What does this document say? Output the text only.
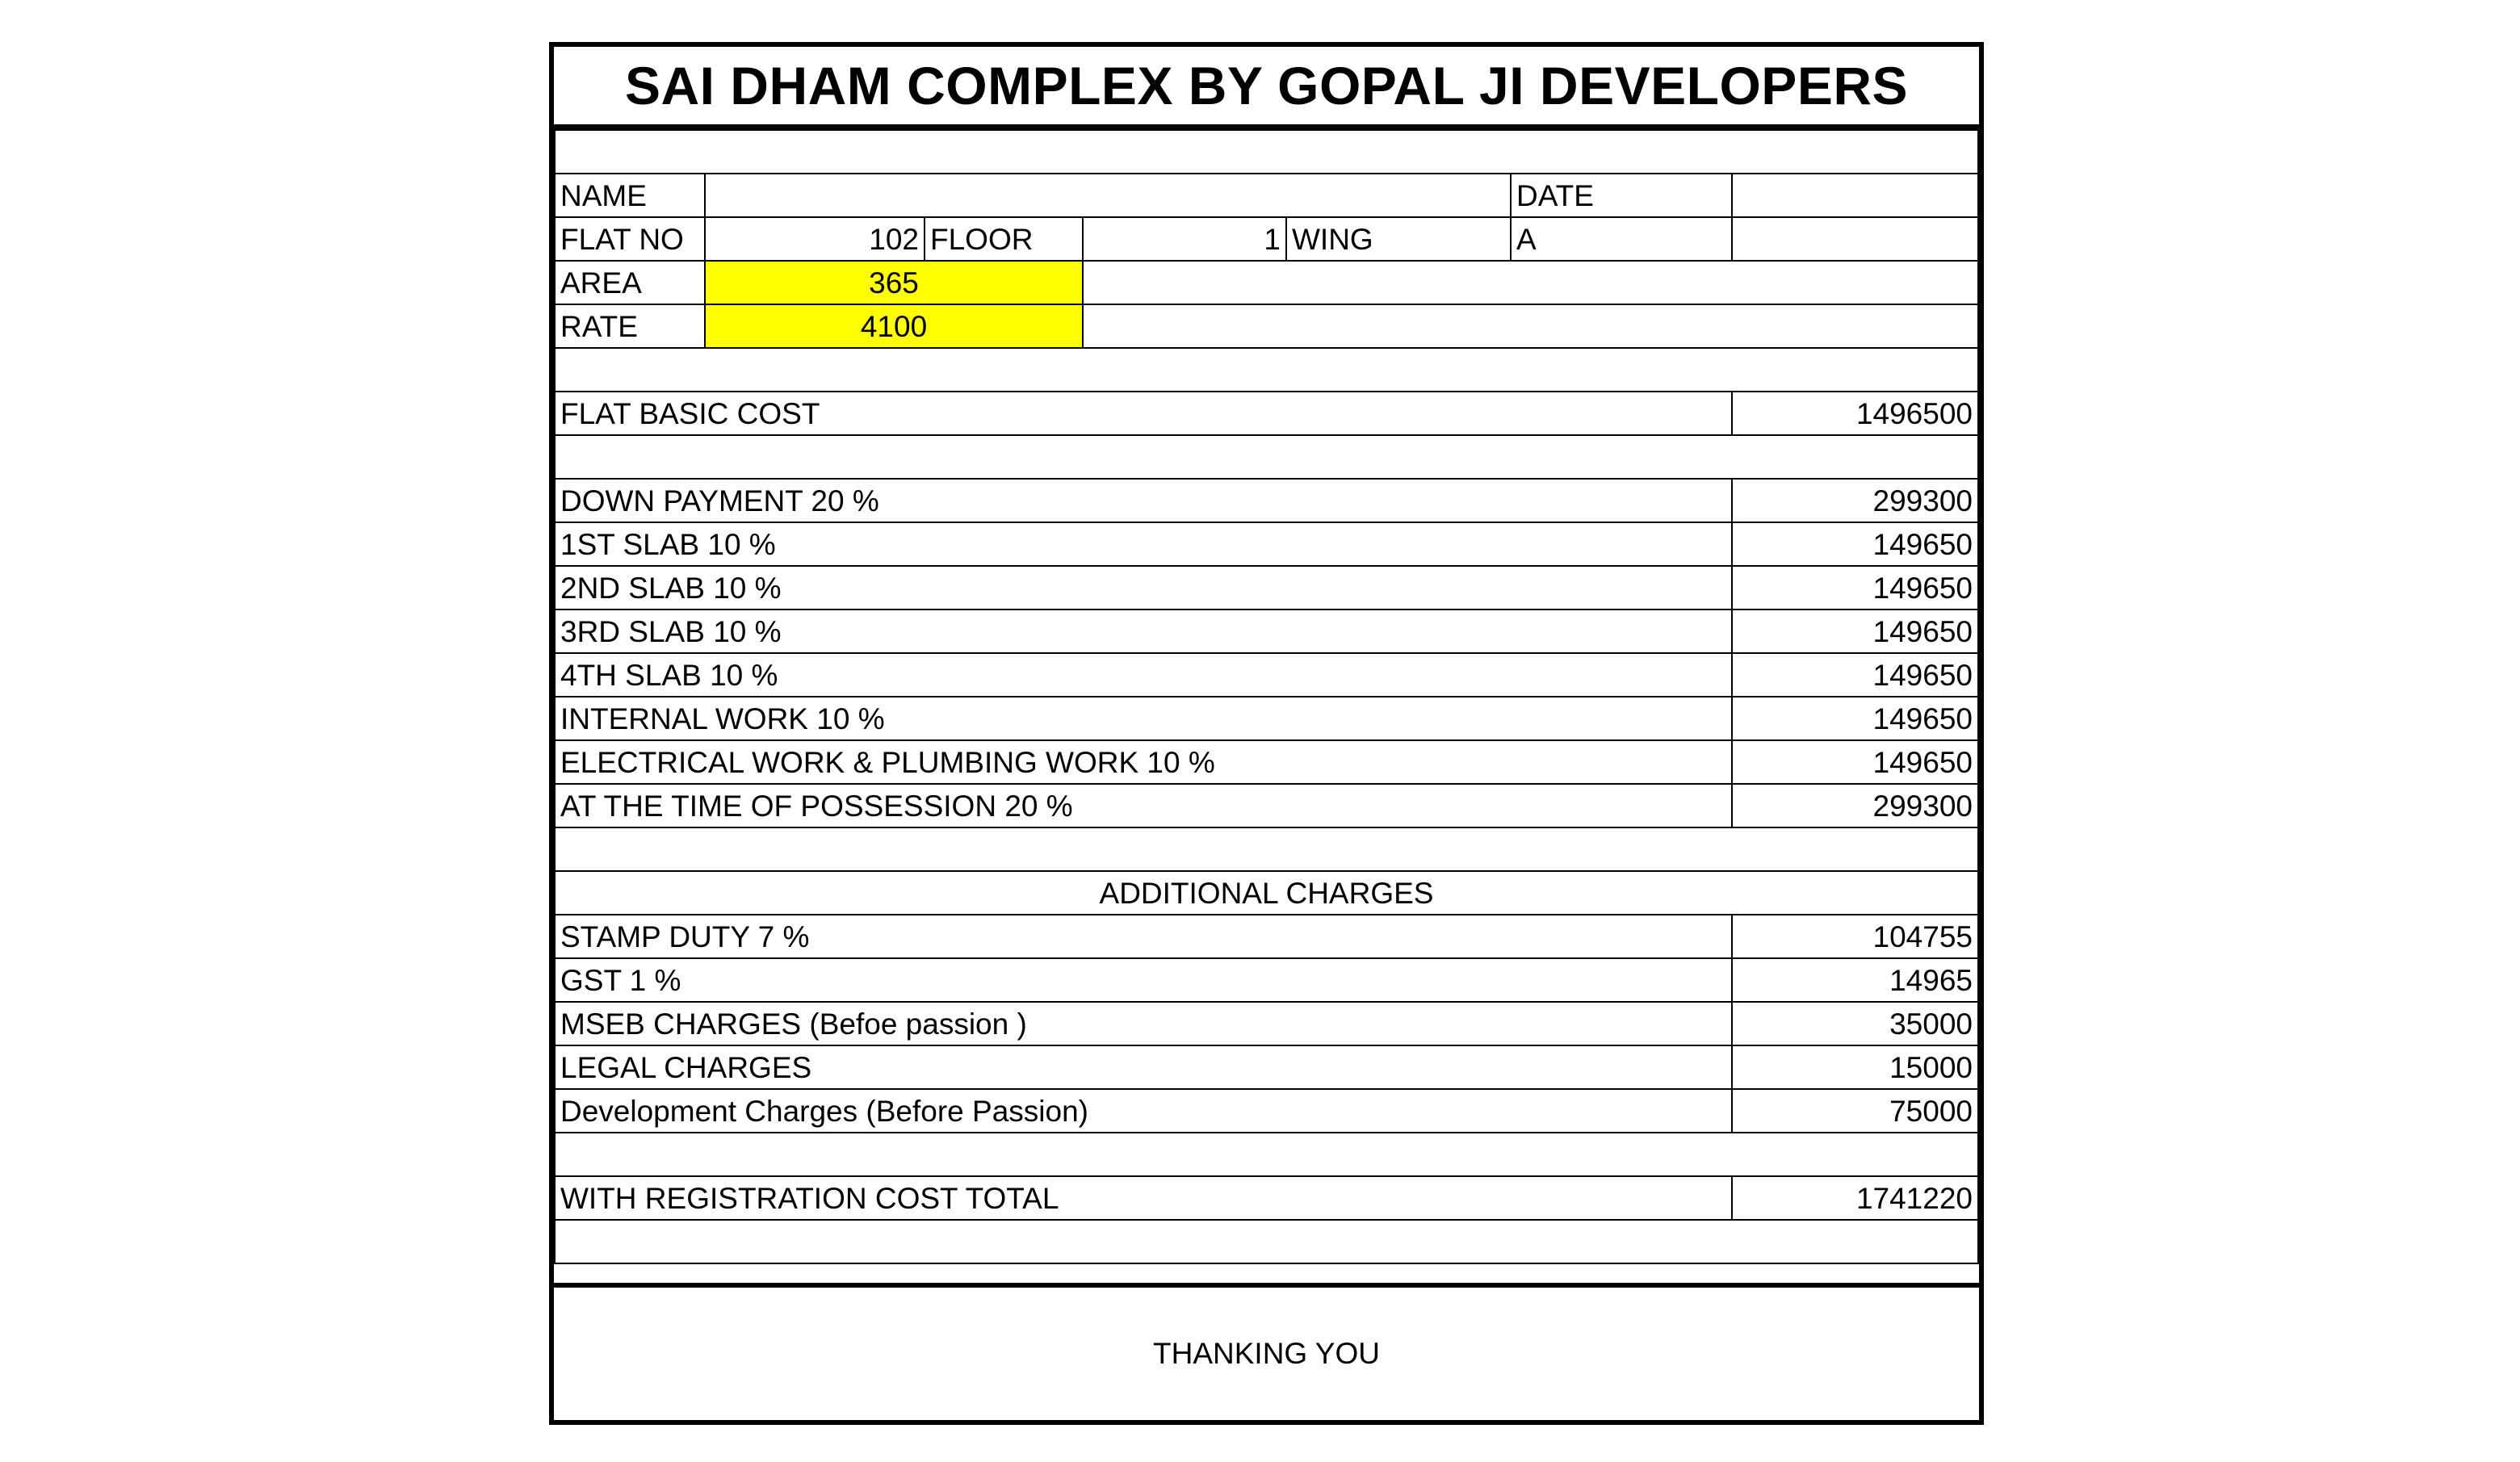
SAI DHAM COMPLEX BY GOPAL JI DEVELOPERS
NAME	DATE
FLAT NO	102 FLOOR	1 WING	A
AREA	365
RATE	4100
FLAT BASIC COST	1496500
DOWN PAYMENT 20 %	299300
1ST SLAB 10 %	149650
2ND SLAB 10 %	149650
3RD SLAB 10 %	149650
4TH SLAB 10 %	149650
INTERNAL WORK 10 %	149650
ELECTRICAL WORK & PLUMBING WORK 10 %	149650
AT THE TIME OF POSSESSION 20 %	299300
ADDITIONAL CHARGES
STAMP DUTY 7 %	104755
GST 1 %	14965
MSEB CHARGES (Befoe passion )	35000
LEGAL CHARGES	15000
Development Charges (Before Passion)	75000
WITH REGISTRATION COST TOTAL	1741220
THANKING YOU
